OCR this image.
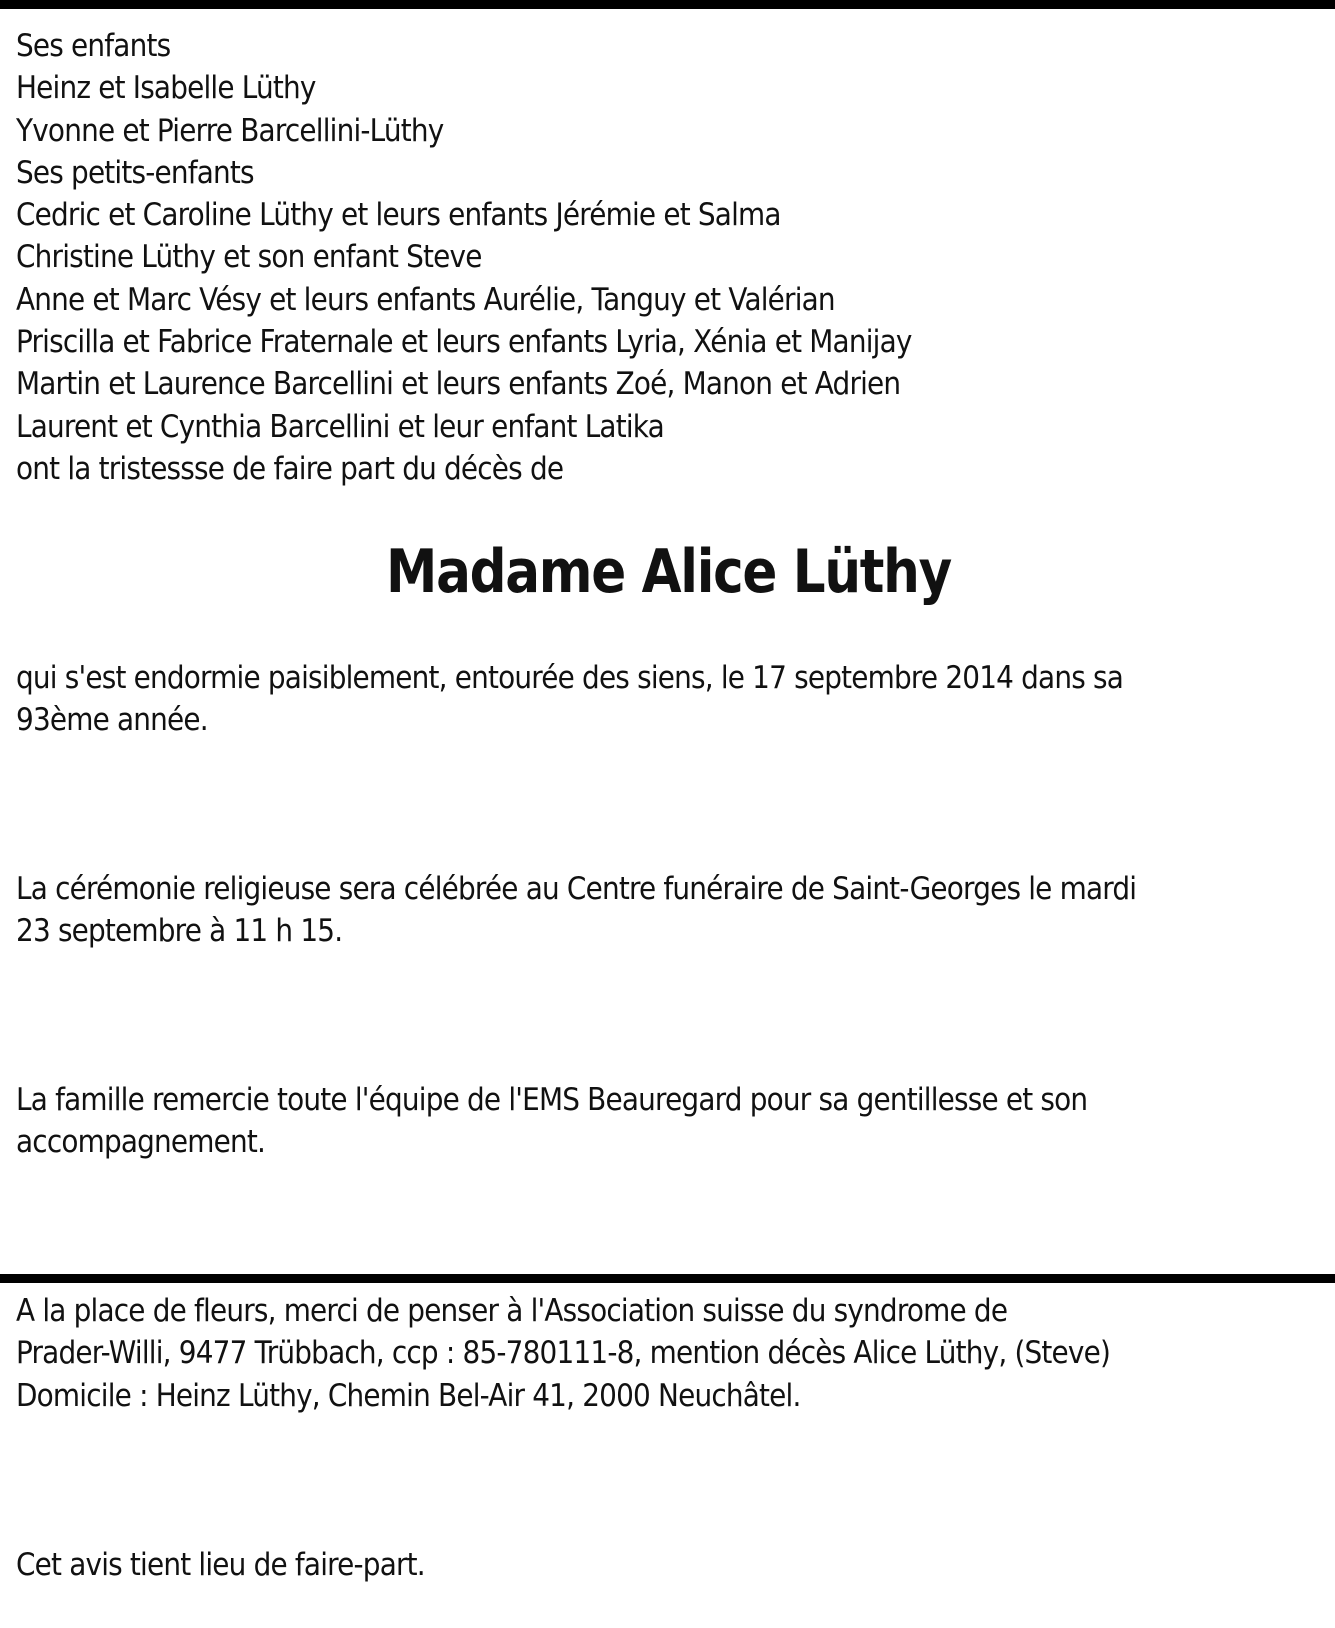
Ses enfants
Heinz et Isabelle Lüthy
Yvonne et Pierre Barcellini-Lüthy
Ses petits-enfants
Cedric et Caroline Lüthy et leurs enfants Jérémie et Salma
Christine Lüthy et son enfant Steve
Anne et Marc Vésy et leurs enfants Aurélie, Tanguy et Valérian
Priscilla et Fabrice Fraternale et leurs enfants Lyria, Xénia et Manijay
Martin et Laurence Barcellini et leurs enfants Zoé, Manon et Adrien
Laurent et Cynthia Barcellini et leur enfant Latika
ont la tristessse de faire part du décès de
Madame Alice Lüthy

qui s'est endormie paisiblement, entourée des siens, le 17 septembre 2014 dans sa
93ème année.

La cérémonie religieuse sera célébrée au Centre funéraire de Saint-Georges le mardi
23 septembre à 11 h 15.

La famille remercie toute l'équipe de l'EMS Beauregard pour sa gentillesse et son
accompagnement.

A la place de fleurs, merci de penser à l'Association suisse du syndrome de
Prader-Willi, 9477 Trübbach, ccp : 85-780111-8, mention décès Alice Lüthy, (Steve)
Domicile : Heinz Lüthy, Chemin Bel-Air 41, 2000 Neuchâtel.

Cet avis tient lieu de faire-part.
